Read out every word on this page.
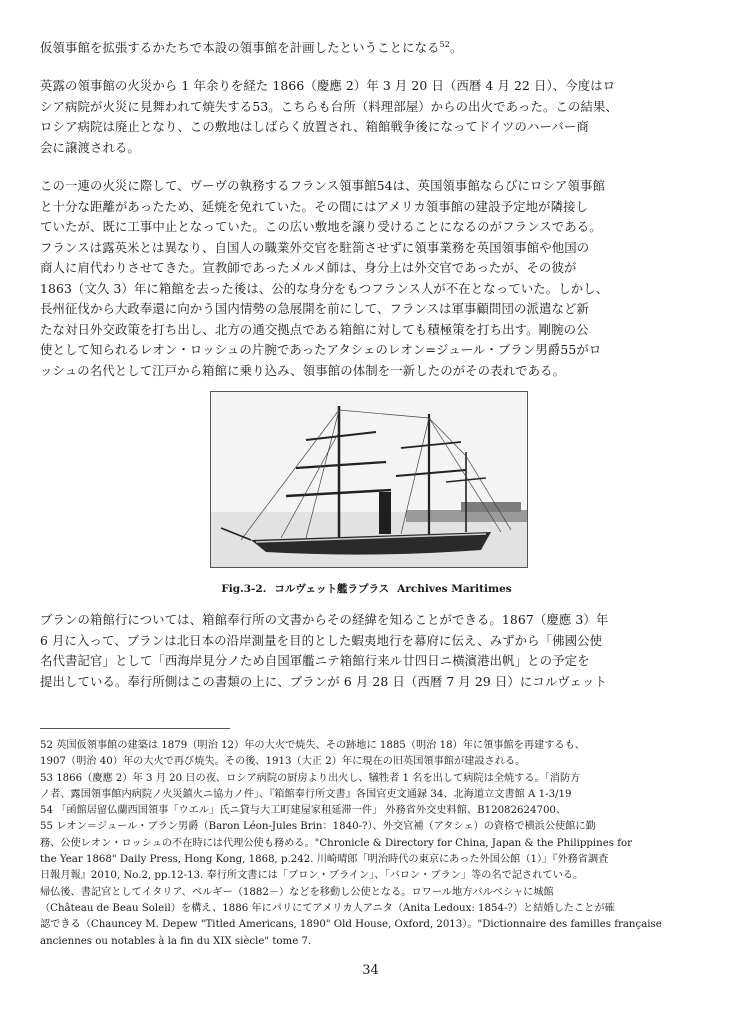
仮領事館を拡張するかたちで本設の領事館を計画したということになる$^{52}$。

英露の領事館の火災から 1 年余りを経た 1866（慶應 2）年 3 月 20 日（西暦 4 月 22 日）、今度はロ
シア病院が火災に見舞われて焼失する53。こちらも台所（料理部屋）からの出火であった。この結果、
ロシア病院は廃止となり、この敷地はしばらく放置され、箱館戦争後になってドイツのハーバー商
会に譲渡される。

この一連の火災に際して、ヴーヴの執務するフランス領事館54は、英国領事館ならびにロシア領事館
と十分な距離があったため、延焼を免れていた。その間にはアメリカ領事館の建設予定地が隣接し
ていたが、既に工事中止となっていた。この広い敷地を譲り受けることになるのがフランスである。
フランスは露英米とは異なり、自国人の職業外交官を駐箚させずに領事業務を英国領事館や他国の
商人に肩代わりさせてきた。宣教師であったメルメ師は、身分上は外交官であったが、その彼が
1863（文久 3）年に箱館を去った後は、公的な身分をもつフランス人が不在となっていた。しかし、
長州征伐から大政奉還に向かう国内情勢の急展開を前にして、フランスは軍事顧問団の派遣など新
たな対日外交政策を打ち出し、北方の通交拠点である箱館に対しても積極策を打ち出す。剛腕の公
使として知られるレオン・ロッシュの片腕であったアタシェのレオン=ジュール・ブラン男爵55がロ
ッシュの名代として江戸から箱館に乗り込み、領事館の体制を一新したのがその表れである。

Fig.3-2. コルヴェット艦ラプラス Archives Maritimes

ブランの箱館行については、箱館奉行所の文書からその経緯を知ることができる。1867（慶應 3）年
6 月に入って、ブランは北日本の沿岸測量を目的とした蝦夷地行を幕府に伝え、みずから「佛國公使
名代書記官」として「西海岸見分ノため自国軍艦ニテ箱館行来ル廿四日ニ横濱港出帆」との予定を
提出している。奉行所側はこの書類の上に、ブランが 6 月 28 日（西暦 7 月 29 日）にコルヴェット

52 英国仮領事館の建築は 1879（明治 12）年の大火で焼失、その跡地に 1885（明治 18）年に領事館を再建するも、
1907（明治 40）年の大火で再び焼失。その後、1913（大正 2）年に現在の旧英国領事館が建設される。
53 1866（慶應 2）年 3 月 20 日の夜、ロシア病院の厨房より出火し、犠牲者 1 名を出して病院は全焼する。「消防方
ノ者、露国領事館内病院ノ火災鎮火ニ協力ノ件」、『箱館奉行所文書』各国官吏文通録 34、北海道立文書館 A 1-3/19
54 「函館居留仏蘭西国領事「ウエル」氏ニ貸与大工町建屋家租延滞一件」 外務省外交史料館、B12082624700、
55 レオン＝ジュール・ブラン男爵（Baron Léon-Jules Brin：1840-?）、外交官補（アタシェ）の資格で横浜公使館に勤
務、公使レオン・ロッシュの不在時には代理公使も務める。"Chronicle & Directory for China, Japan & the Philippines for
the Year 1868" Daily Press, Hong Kong, 1868, p.242. 川崎晴郎「明治時代の東京にあった外国公館（1）」『外務省調査
日報月報』2010, No.2, pp.12-13. 奉行所文書には「ブロン・ブライン」、「バロン・ブラン」等の名で記されている。
帰仏後、書記官としてイタリア、ベルギー（1882－）などを移動し公使となる。ロワール地方バルベシャに城館
（Château de Beau Soleil）を構え、1886 年にパリにてアメリカ人アニタ（Anita Ledoux: 1854-?）と結婚したことが確
認できる（Chauncey M. Depew "Titled Americans, 1890" Old House, Oxford, 2013）。"Dictionnaire des familles française
anciennes ou notables à la fin du XIX siècle" tome 7.
34
